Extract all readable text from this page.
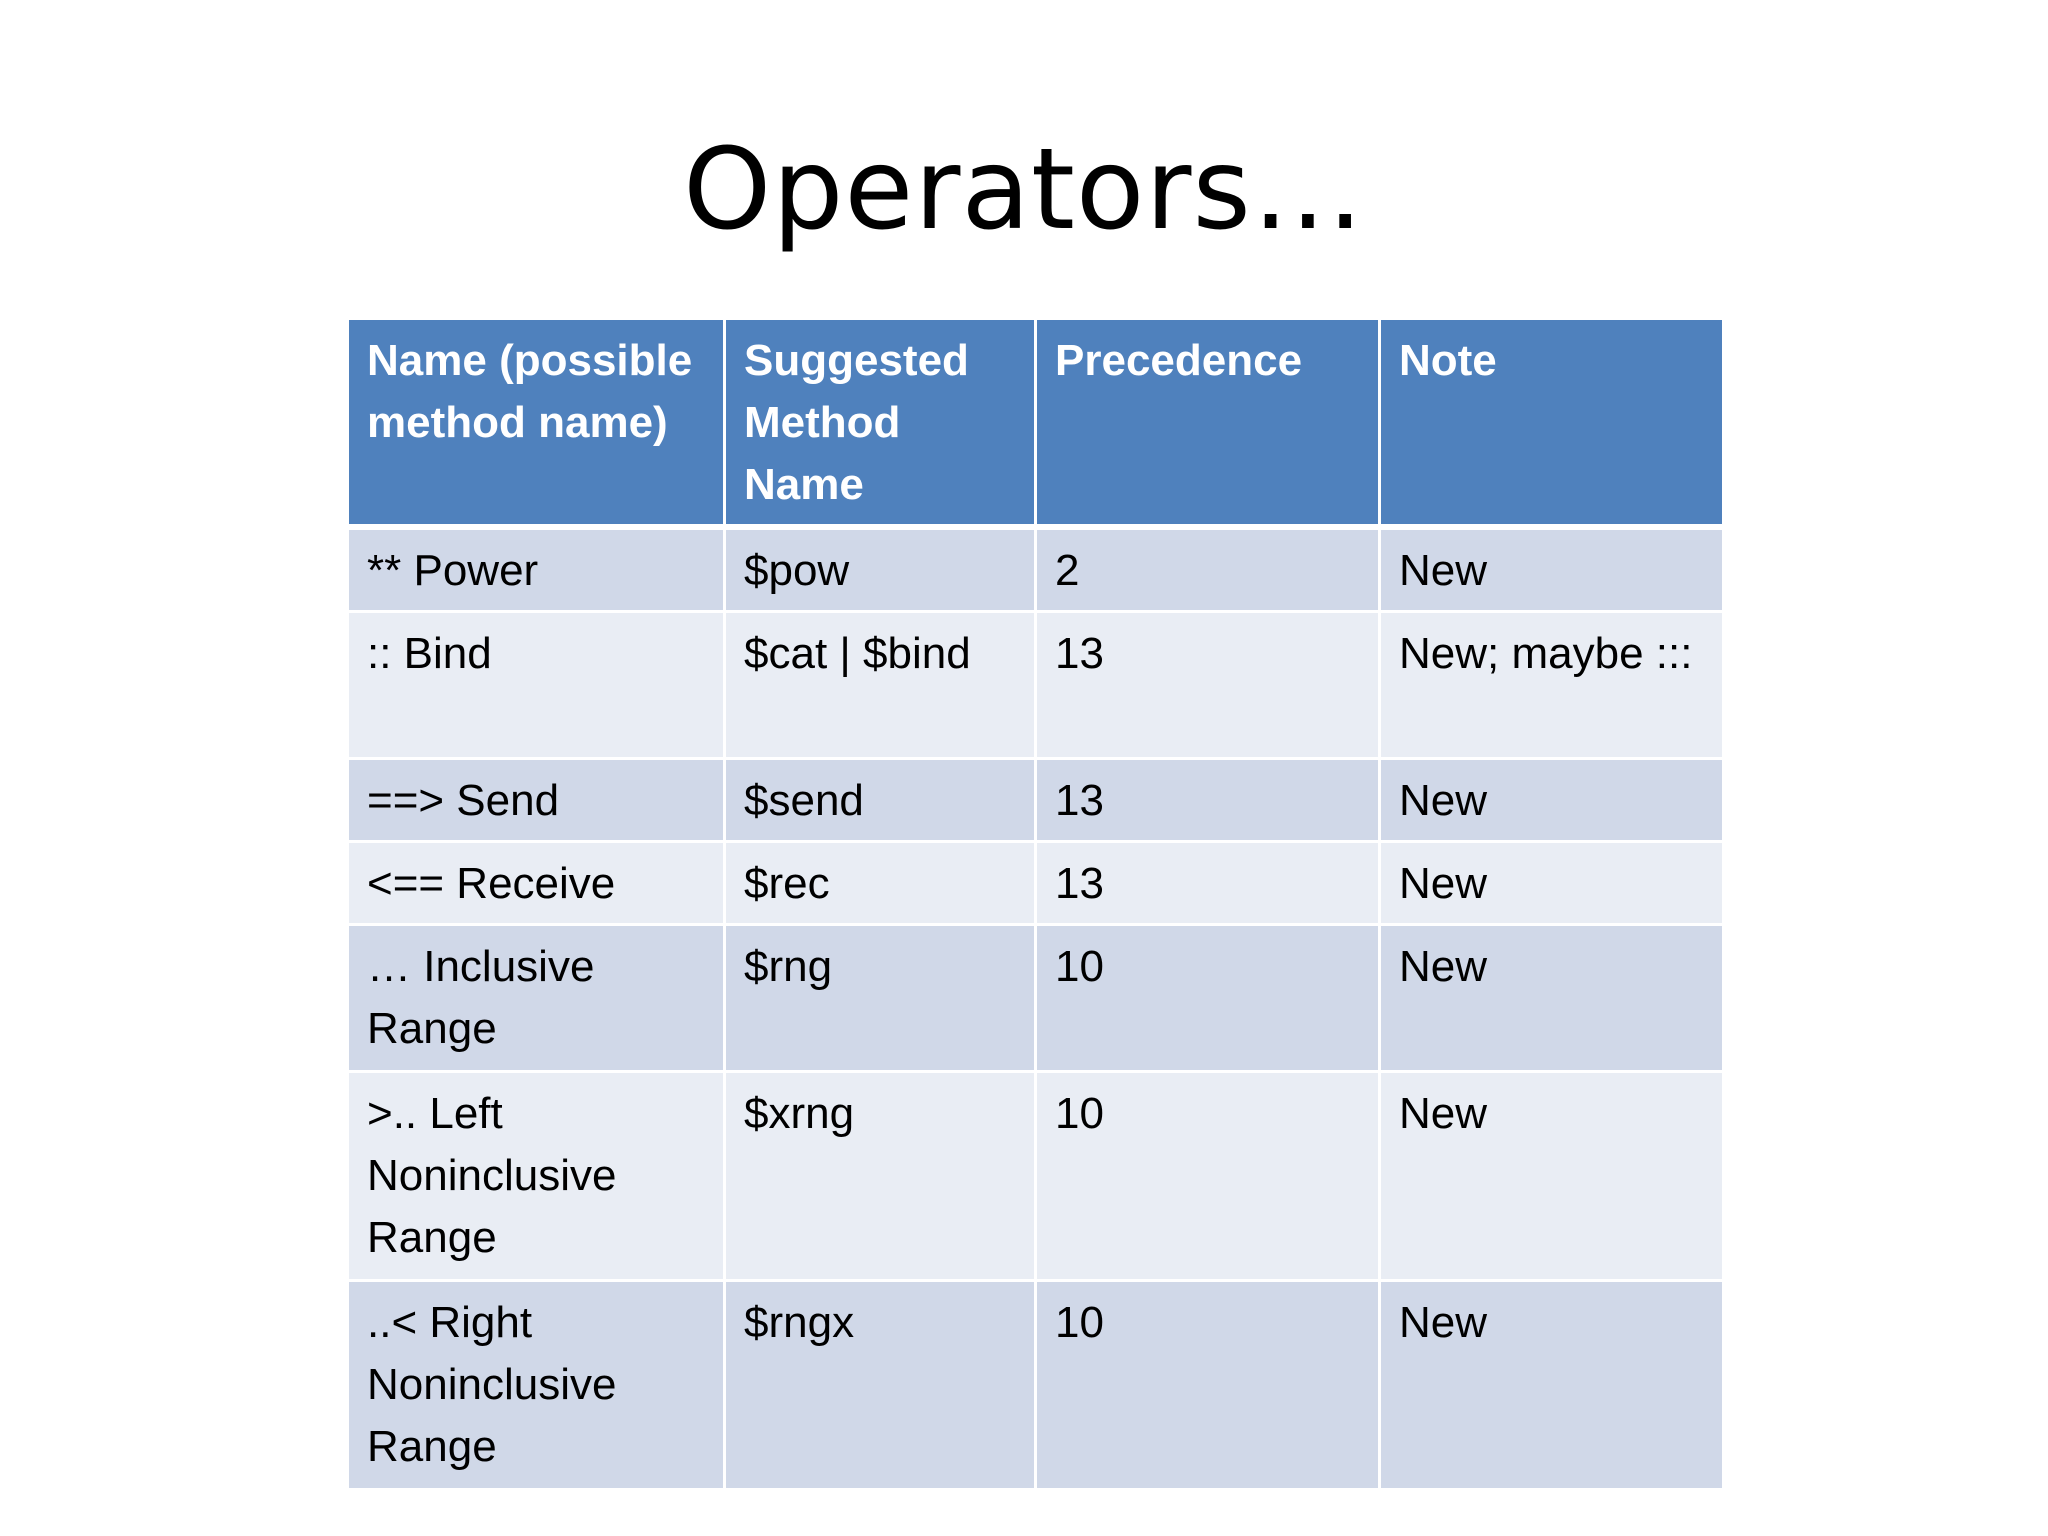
Operators…
Name (possible method name)	Suggested Method Name	Precedence	Note
** Power	$pow	2	New
:: Bind	$cat | $bind	13	New; maybe :::
==> Send	$send	13	New
<== Receive	$rec	13	New
… Inclusive Range	$rng	10	New
>.. Left Noninclusive Range	$xrng	10	New
..< Right Noninclusive Range	$rngx	10	New
